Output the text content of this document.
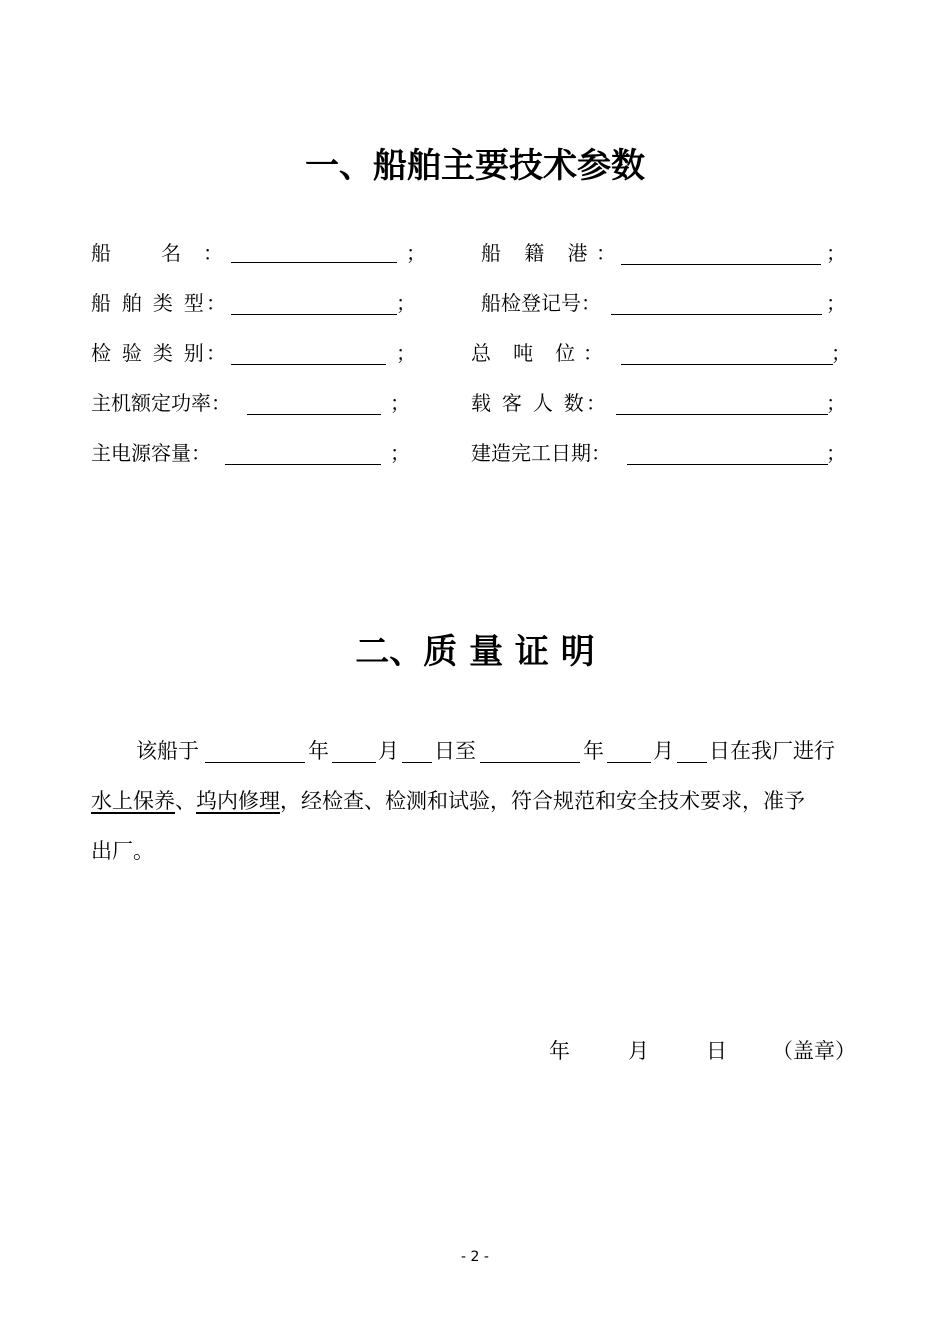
一、船舶主要技术参数
船 名：	；	船 籍 港：	；
船 舶 类 型：	；	船检登记号：	；
检 验 类 别：	；	总 吨 位：	；
主机额定功率：	；	载 客 人 数：	；
主电源容量：	；	建造完工日期：	；
二、质 量 证 明
该船于	年 月 日至	年 月 日在我厂进行
水上保养、坞内修理，经检查、检测和试验，符合规范和安全技术要求，准予
出厂。
年	月	日 （盖章）
- 2 -
